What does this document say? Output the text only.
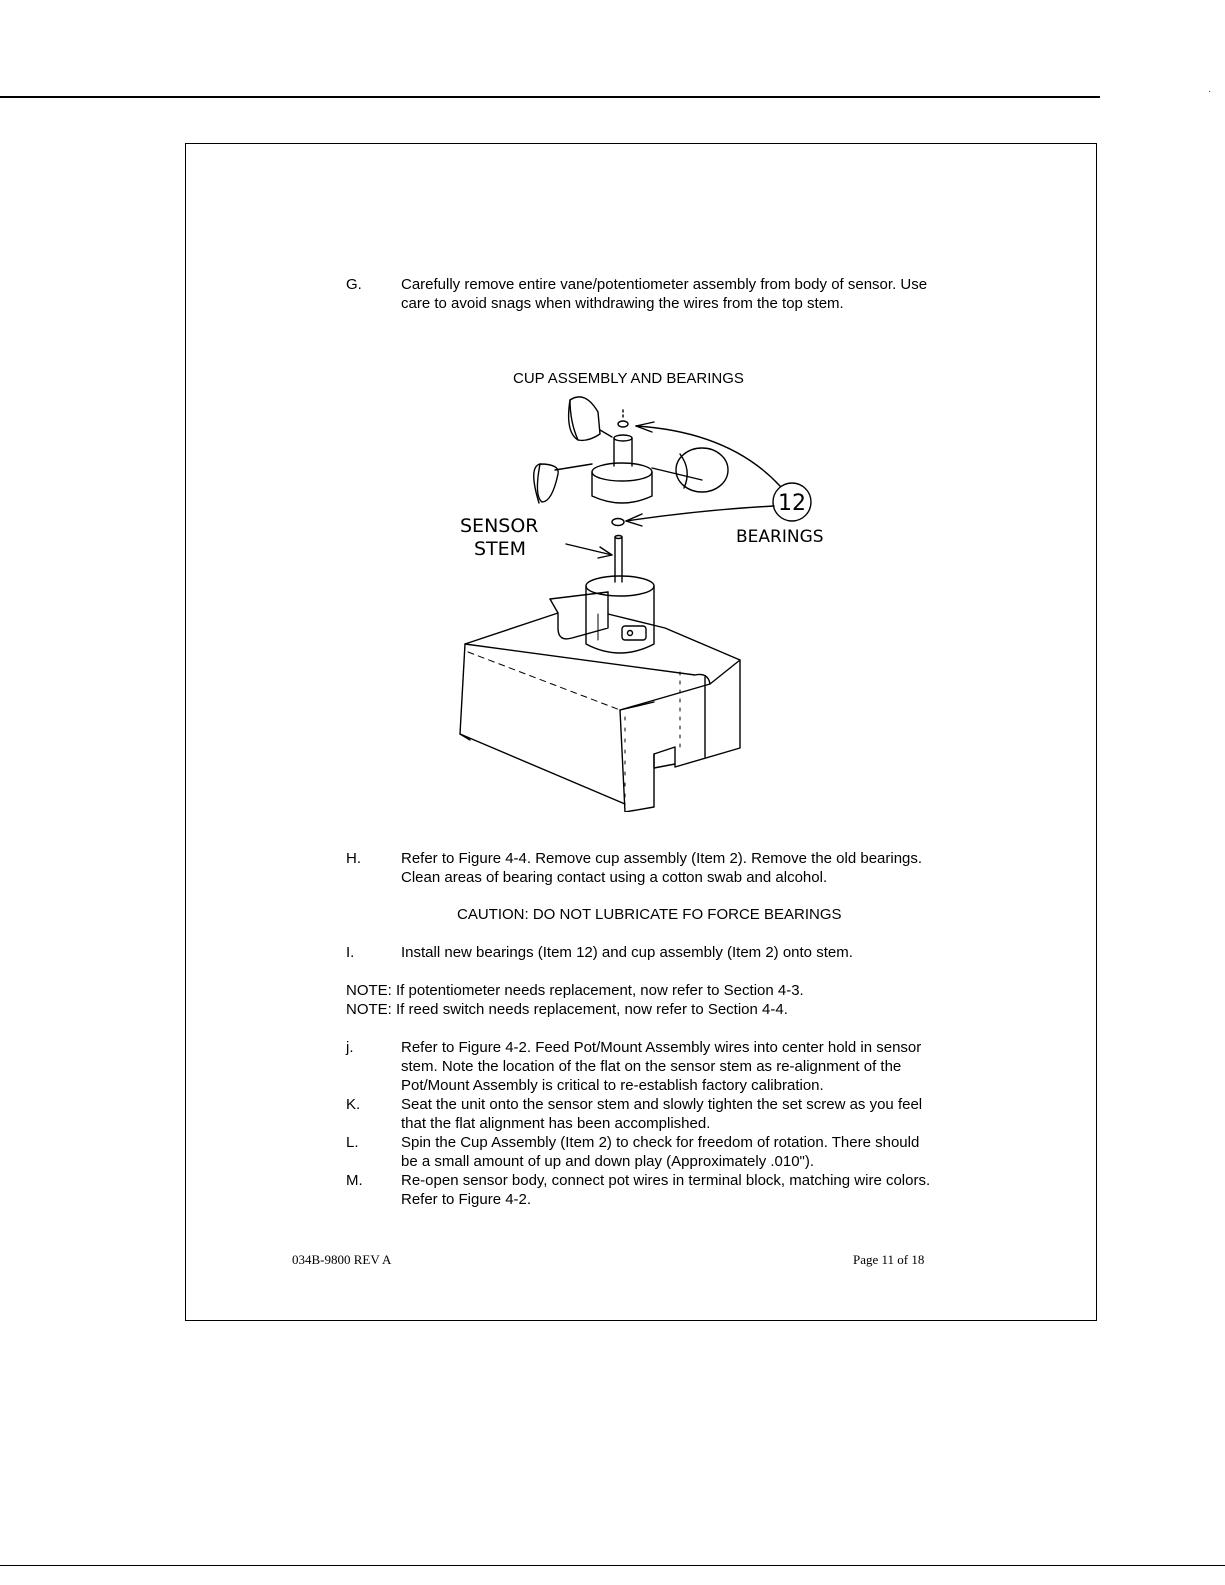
·
G.	Carefully remove entire vane/potentiometer assembly from body of sensor. Use
care to avoid snags when withdrawing the wires from the top stem.
CUP ASSEMBLY AND BEARINGS
12
BEARINGS
SENSOR
STEM
H.	Refer to Figure 4-4. Remove cup assembly (Item 2). Remove the old bearings.
Clean areas of bearing contact using a cotton swab and alcohol.
CAUTION: DO NOT LUBRICATE FO FORCE BEARINGS
I.	Install new bearings (Item 12) and cup assembly (Item 2) onto stem.
NOTE: If potentiometer needs replacement, now refer to Section 4-3.
NOTE: If reed switch needs replacement, now refer to Section 4-4.
j.	Refer to Figure 4-2. Feed Pot/Mount Assembly wires into center hold in sensor
stem. Note the location of the flat on the sensor stem as re-alignment of the
Pot/Mount Assembly is critical to re-establish factory calibration.
K.	Seat the unit onto the sensor stem and slowly tighten the set screw as you feel
that the flat alignment has been accomplished.
L.	Spin the Cup Assembly (Item 2) to check for freedom of rotation. There should
be a small amount of up and down play (Approximately .010").
M.	Re-open sensor body, connect pot wires in terminal block, matching wire colors.
Refer to Figure 4-2.
034B-9800 REV A	Page 11 of 18
